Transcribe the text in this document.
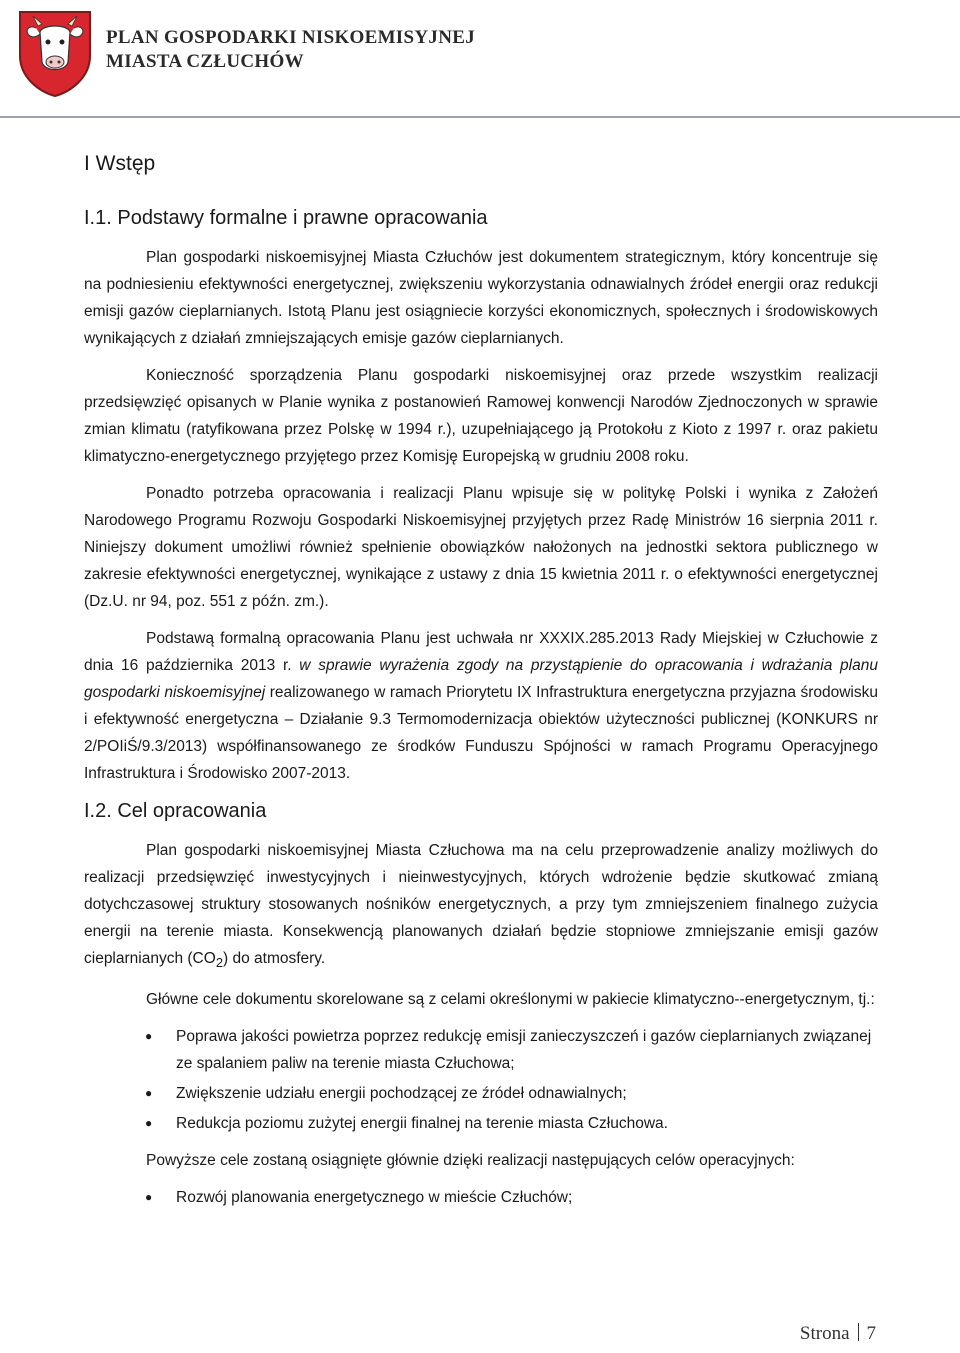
PLAN GOSPODARKI NISKOEMISYJNEJ
MIASTA CZŁUCHÓW
I Wstęp
I.1. Podstawy formalne i prawne opracowania

Plan gospodarki niskoemisyjnej Miasta Człuchów jest dokumentem strategicznym, który koncentruje się na podniesieniu efektywności energetycznej, zwiększeniu wykorzystania odnawialnych źródeł energii oraz redukcji emisji gazów cieplarnianych. Istotą Planu jest osiągniecie korzyści ekonomicznych, społecznych i środowiskowych wynikających z działań zmniejszających emisje gazów cieplarnianych.

Konieczność sporządzenia Planu gospodarki niskoemisyjnej oraz przede wszystkim realizacji przedsięwzięć opisanych w Planie wynika z postanowień Ramowej konwencji Narodów Zjednoczonych w sprawie zmian klimatu (ratyfikowana przez Polskę w 1994 r.), uzupełniającego ją Protokołu z Kioto z 1997 r. oraz pakietu klimatyczno-energetycznego przyjętego przez Komisję Europejską w grudniu 2008 roku.

Ponadto potrzeba opracowania i realizacji Planu wpisuje się w politykę Polski i wynika z Założeń Narodowego Programu Rozwoju Gospodarki Niskoemisyjnej przyjętych przez Radę Ministrów 16 sierpnia 2011 r. Niniejszy dokument umożliwi również spełnienie obowiązków nałożonych na jednostki sektora publicznego w zakresie efektywności energetycznej, wynikające z ustawy z dnia 15 kwietnia 2011 r. o efektywności energetycznej (Dz.U. nr 94, poz. 551 z późn. zm.).

Podstawą formalną opracowania Planu jest uchwała nr XXXIX.285.2013 Rady Miejskiej w Człuchowie z dnia 16 października 2013 r. w sprawie wyrażenia zgody na przystąpienie do opracowania i wdrażania planu gospodarki niskoemisyjnej realizowanego w ramach Priorytetu IX Infrastruktura energetyczna przyjazna środowisku i efektywność energetyczna – Działanie 9.3 Termomodernizacja obiektów użyteczności publicznej (KONKURS nr 2/POIiŚ/9.3/2013) współfinansowanego ze środków Funduszu Spójności w ramach Programu Operacyjnego Infrastruktura i Środowisko 2007-2013.

I.2. Cel opracowania

Plan gospodarki niskoemisyjnej Miasta Człuchowa ma na celu przeprowadzenie analizy możliwych do realizacji przedsięwzięć inwestycyjnych i nieinwestycyjnych, których wdrożenie będzie skutkować zmianą dotychczasowej struktury stosowanych nośników energetycznych, a przy tym zmniejszeniem finalnego zużycia energii na terenie miasta. Konsekwencją planowanych działań będzie stopniowe zmniejszanie emisji gazów cieplarnianych $(CO_2)$ do atmosfery.

Główne cele dokumentu skorelowane są z celami określonymi w pakiecie klimatyczno--energetycznym, tj.:

● Poprawa jakości powietrza poprzez redukcję emisji zanieczyszczeń i gazów cieplarnianych związanej ze spalaniem paliw na terenie miasta Człuchowa;
● Zwiększenie udziału energii pochodzącej ze źródeł odnawialnych;
● Redukcja poziomu zużytej energii finalnej na terenie miasta Człuchowa.

Powyższe cele zostaną osiągnięte głównie dzięki realizacji następujących celów operacyjnych:

● Rozwój planowania energetycznego w mieście Człuchów;
Strona 7
